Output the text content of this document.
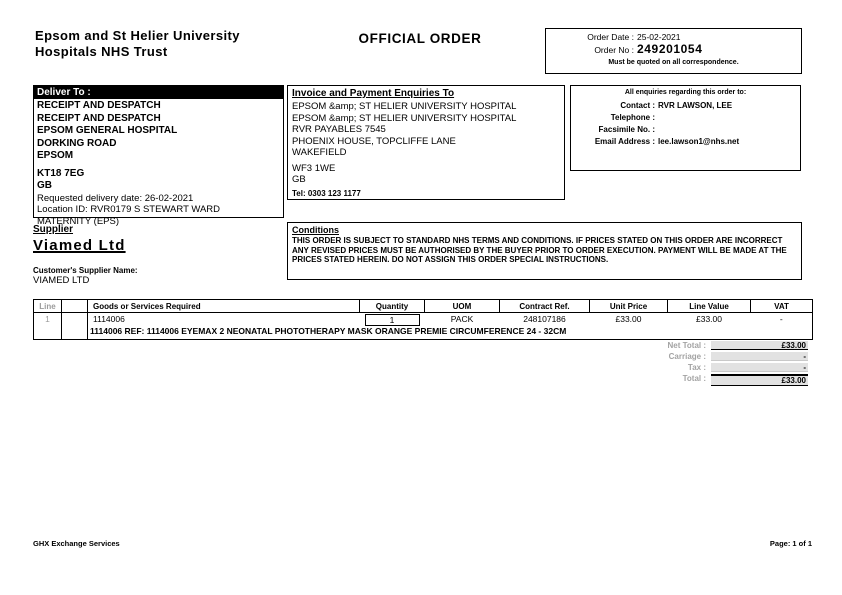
Epsom and St Helier University
Hospitals NHS Trust
OFFICIAL ORDER	Order Date : 25-02-2021
Order No : 249201054
Must be quoted on all correspondence.
Deliver To :
RECEIPT AND DESPATCH
RECEIPT AND DESPATCH
EPSOM GENERAL HOSPITAL
DORKING ROAD
EPSOM
KT18 7EG
GB
Requested delivery date: 26-02-2021
Location ID: RVR0179 S STEWART WARD MATERNITY (EPS)
Invoice and Payment Enquiries To
EPSOM &amp; ST HELIER UNIVERSITY HOSPITAL
EPSOM &amp; ST HELIER UNIVERSITY HOSPITAL
RVR PAYABLES 7545
PHOENIX HOUSE, TOPCLIFFE LANE
WAKEFIELD
WF3 1WE
GB
Tel: 0303 123 1177
All enquiries regarding this order to:
Contact : RVR LAWSON, LEE
Telephone :
Facsimile No. :
Email Address : lee.lawson1@nhs.net
Supplier
Viamed Ltd
Customer's Supplier Name:
VIAMED LTD
Conditions
THIS ORDER IS SUBJECT TO STANDARD NHS TERMS AND CONDITIONS. IF PRICES STATED ON THIS ORDER ARE INCORRECT ANY REVISED PRICES MUST BE AUTHORISED BY THE BUYER PRIOR TO ORDER EXECUTION. PAYMENT WILL BE MADE AT THE PRICES STATED HEREIN. DO NOT ASSIGN THIS ORDER SPECIAL INSTRUCTIONS.
Line		Goods or Services Required	Quantity	UOM	Contract Ref.	Unit Price	Line Value	VAT
1		1114006	1	PACK	248107186	£33.00	£33.00	-
		1114006 REF: 1114006 EYEMAX 2 NEONATAL PHOTOTHERAPY MASK ORANGE PREMIE CIRCUMFERENCE 24 - 32CM						
Net Total :	£33.00
Carriage :	-
Tax :	-
Total :	£33.00
GHX Exchange Services	Page: 1 of 1
